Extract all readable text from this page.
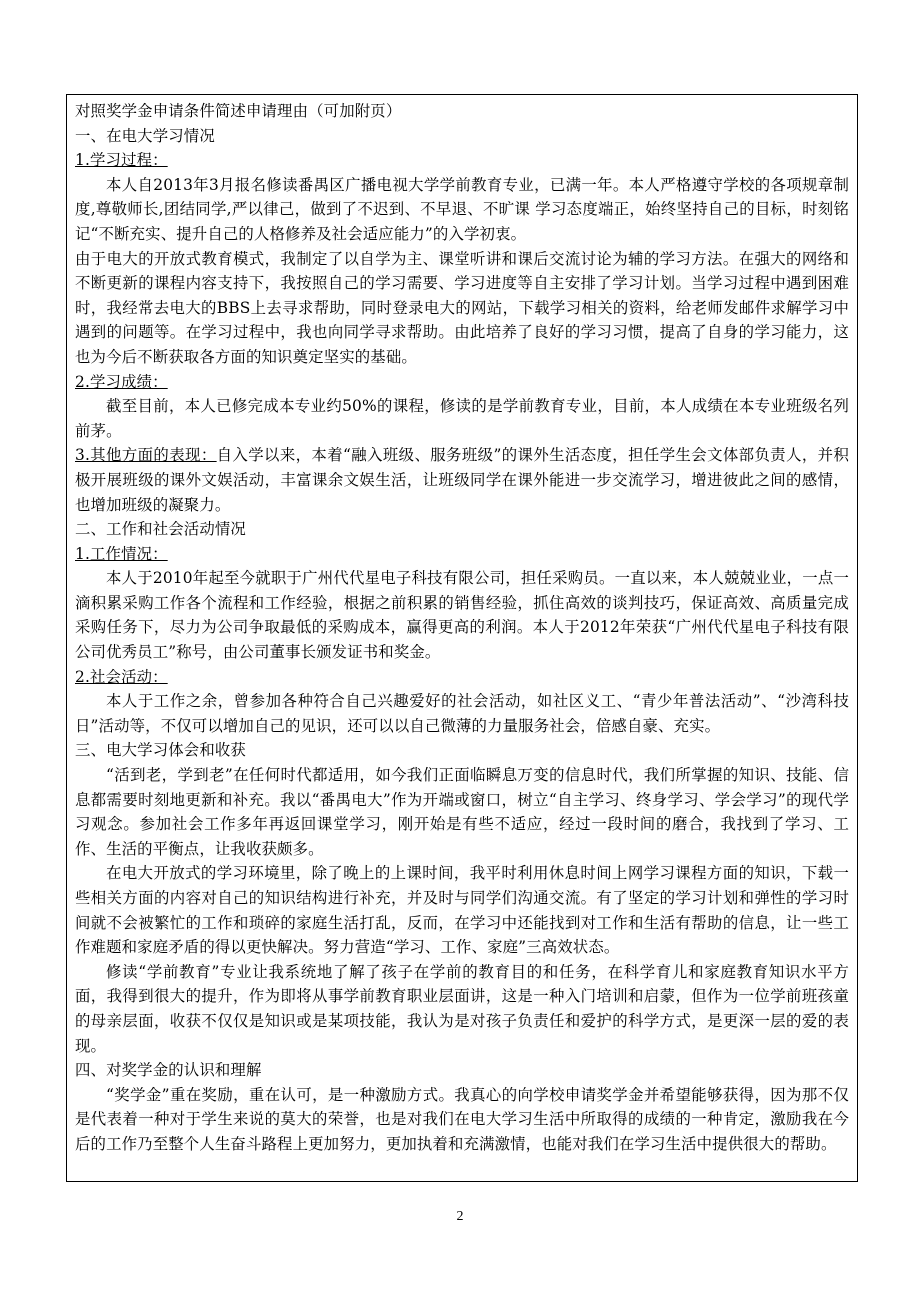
对照奖学金申请条件简述申请理由（可加附页）

一、在电大学习情况

1.学习过程：

本人自2013年3月报名修读番禺区广播电视大学学前教育专业，已满一年。本人严格遵守学校的各项规章制度,尊敬师长,团结同学,严以律己，做到了不迟到、不早退、不旷课 学习态度端正，始终坚持自己的目标，时刻铭记“不断充实、提升自己的人格修养及社会适应能力”的入学初衷。

由于电大的开放式教育模式，我制定了以自学为主、课堂听讲和课后交流讨论为辅的学习方法。在强大的网络和不断更新的课程内容支持下，我按照自己的学习需要、学习进度等自主安排了学习计划。当学习过程中遇到困难时，我经常去电大的BBS上去寻求帮助，同时登录电大的网站，下载学习相关的资料，给老师发邮件求解学习中遇到的问题等。在学习过程中，我也向同学寻求帮助。由此培养了良好的学习习惯，提高了自身的学习能力，这也为今后不断获取各方面的知识奠定坚实的基础。

2.学习成绩：

截至目前，本人已修完成本专业约50%的课程，修读的是学前教育专业，目前，本人成绩在本专业班级名列前茅。

3.其他方面的表现：自入学以来，本着“融入班级、服务班级”的课外生活态度，担任学生会文体部负责人，并积极开展班级的课外文娱活动，丰富课余文娱生活，让班级同学在课外能进一步交流学习，增进彼此之间的感情，也增加班级的凝聚力。

二、工作和社会活动情况

1.工作情况：

本人于2010年起至今就职于广州代代星电子科技有限公司，担任采购员。一直以来，本人兢兢业业，一点一滴积累采购工作各个流程和工作经验，根据之前积累的销售经验，抓住高效的谈判技巧，保证高效、高质量完成采购任务下，尽力为公司争取最低的采购成本，赢得更高的利润。本人于2012年荣获“广州代代星电子科技有限公司优秀员工”称号，由公司董事长颁发证书和奖金。

2.社会活动：

本人于工作之余，曾参加各种符合自己兴趣爱好的社会活动，如社区义工、“青少年普法活动”、“沙湾科技日”活动等，不仅可以增加自己的见识，还可以以自己微薄的力量服务社会，倍感自豪、充实。

三、电大学习体会和收获

“活到老，学到老”在任何时代都适用，如今我们正面临瞬息万变的信息时代，我们所掌握的知识、技能、信息都需要时刻地更新和补充。我以“番禺电大”作为开端或窗口，树立“自主学习、终身学习、学会学习”的现代学习观念。参加社会工作多年再返回课堂学习，刚开始是有些不适应，经过一段时间的磨合，我找到了学习、工作、生活的平衡点，让我收获颇多。

在电大开放式的学习环境里，除了晚上的上课时间，我平时利用休息时间上网学习课程方面的知识，下载一些相关方面的内容对自己的知识结构进行补充，并及时与同学们沟通交流。有了坚定的学习计划和弹性的学习时间就不会被繁忙的工作和琐碎的家庭生活打乱，反而，在学习中还能找到对工作和生活有帮助的信息，让一些工作难题和家庭矛盾的得以更快解决。努力营造“学习、工作、家庭”三高效状态。

修读“学前教育”专业让我系统地了解了孩子在学前的教育目的和任务，在科学育儿和家庭教育知识水平方面，我得到很大的提升，作为即将从事学前教育职业层面讲，这是一种入门培训和启蒙，但作为一位学前班孩童的母亲层面，收获不仅仅是知识或是某项技能，我认为是对孩子负责任和爱护的科学方式，是更深一层的爱的表现。

四、对奖学金的认识和理解

“奖学金”重在奖励，重在认可，是一种激励方式。我真心的向学校申请奖学金并希望能够获得，因为那不仅是代表着一种对于学生来说的莫大的荣誉，也是对我们在电大学习生活中所取得的成绩的一种肯定，激励我在今后的工作乃至整个人生奋斗路程上更加努力，更加执着和充满激情，也能对我们在学习生活中提供很大的帮助。

2
